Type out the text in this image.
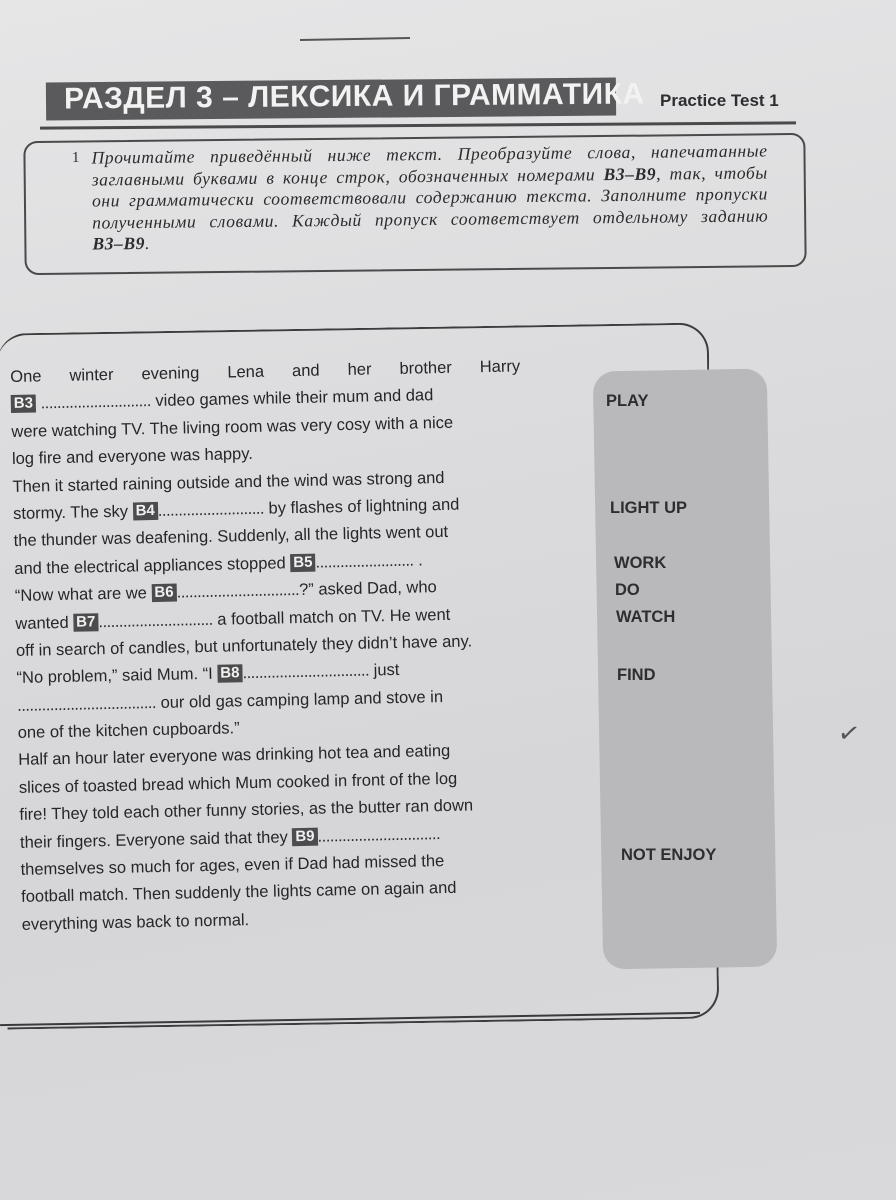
РАЗДЕЛ 3 – ЛЕКСИКА И ГРАММАТИКА Practice Test 1
1 Прочитайте приведённый ниже текст. Преобразуйте слова, напечатанные заглавными буквами в конце строк, обозначенных номерами B3–B9, так, чтобы они грамматически соответствовали содержанию текста. Заполните пропуски полученными словами. Каждый пропуск соответствует отдельному заданию B3–B9.
One winter evening Lena and her brother Harry
B3 ........................... video games while their mum and dad
were watching TV. The living room was very cosy with a nice
log fire and everyone was happy.
Then it started raining outside and the wind was strong and
stormy. The sky B4 .......................... by flashes of lightning and
the thunder was deafening. Suddenly, all the lights went out
and the electrical appliances stopped B5 ........................ .
“Now what are we B6 ..............................?” asked Dad, who
wanted B7 ............................ a football match on TV. He went
off in search of candles, but unfortunately they didn’t have any.
“No problem,” said Mum. “I B8 ............................... just
.................................. our old gas camping lamp and stove in
one of the kitchen cupboards.”
Half an hour later everyone was drinking hot tea and eating
slices of toasted bread which Mum cooked in front of the log
fire! They told each other funny stories, as the butter ran down
their fingers. Everyone said that they B9 ..............................
themselves so much for ages, even if Dad had missed the
football match. Then suddenly the lights came on again and
everything was back to normal.
PLAY
LIGHT UP
WORK
DO
WATCH
FIND
NOT ENJOY
✓
